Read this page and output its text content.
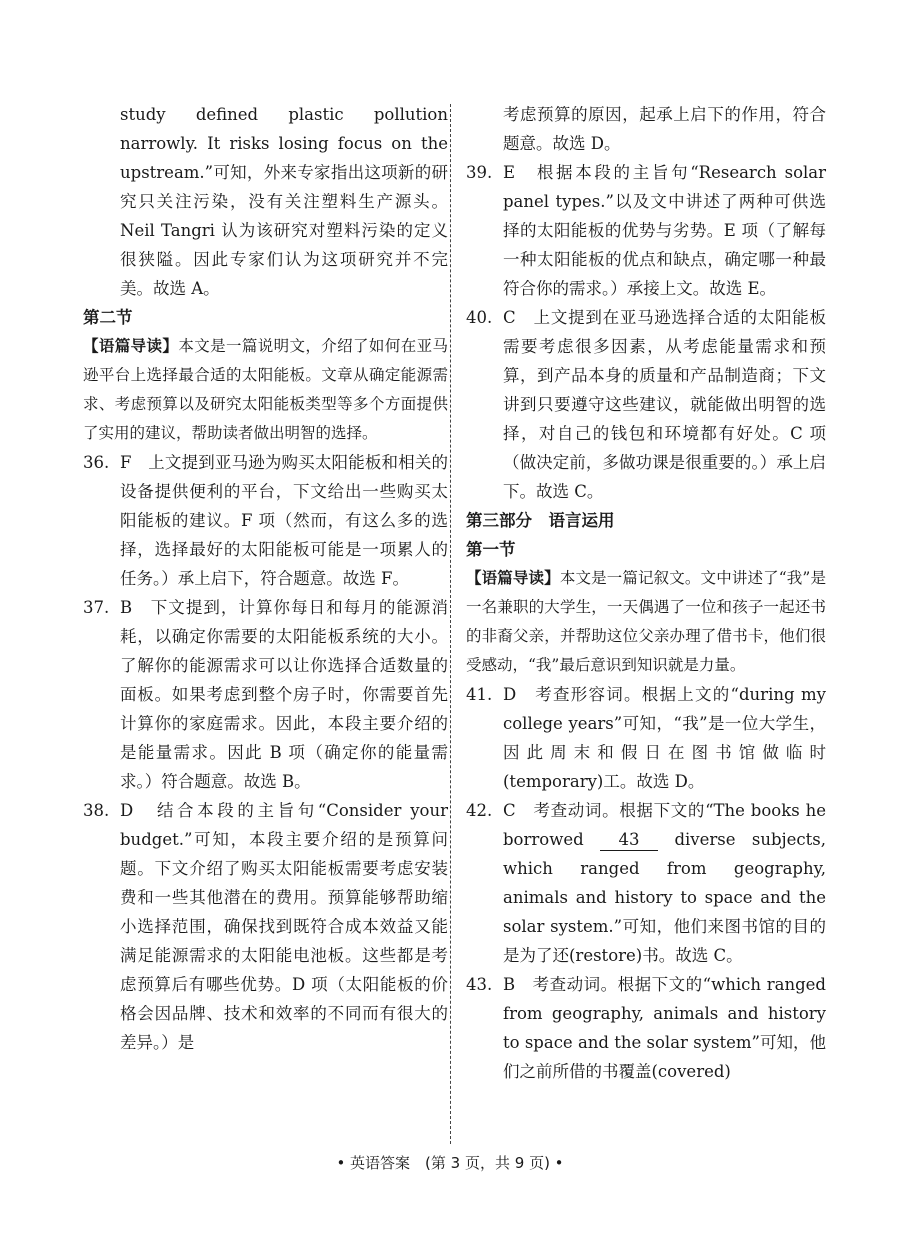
study defined plastic pollution narrowly. It risks losing focus on the upstream.”可知，外来专家指出这项新的研究只关注污染，没有关注塑料生产源头。Neil Tangri 认为该研究对塑料污染的定义很狭隘。因此专家们认为这项研究并不完美。故选 A。

第二节

【语篇导读】本文是一篇说明文，介绍了如何在亚马逊平台上选择最合适的太阳能板。文章从确定能源需求、考虑预算以及研究太阳能板类型等多个方面提供了实用的建议，帮助读者做出明智的选择。

36. F　上文提到亚马逊为购买太阳能板和相关的设备提供便利的平台，下文给出一些购买太阳能板的建议。F 项（然而，有这么多的选择，选择最好的太阳能板可能是一项累人的任务。）承上启下，符合题意。故选 F。
37. B　下文提到，计算你每日和每月的能源消耗，以确定你需要的太阳能板系统的大小。了解你的能源需求可以让你选择合适数量的面板。如果考虑到整个房子时，你需要首先计算你的家庭需求。因此，本段主要介绍的是能量需求。因此 B 项（确定你的能量需求。）符合题意。故选 B。
38. D　结合本段的主旨句“Consider your budget.”可知，本段主要介绍的是预算问题。下文介绍了购买太阳能板需要考虑安装费和一些其他潜在的费用。预算能够帮助缩小选择范围，确保找到既符合成本效益又能满足能源需求的太阳能电池板。这些都是考虑预算后有哪些优势。D 项（太阳能板的价格会因品牌、技术和效率的不同而有很大的差异。）是

考虑预算的原因，起承上启下的作用，符合题意。故选 D。

39. E　根据本段的主旨句“Research solar panel types.”以及文中讲述了两种可供选择的太阳能板的优势与劣势。E 项（了解每一种太阳能板的优点和缺点，确定哪一种最符合你的需求。）承接上文。故选 E。
40. C　上文提到在亚马逊选择合适的太阳能板需要考虑很多因素，从考虑能量需求和预算，到产品本身的质量和产品制造商；下文讲到只要遵守这些建议，就能做出明智的选择，对自己的钱包和环境都有好处。C 项（做决定前，多做功课是很重要的。）承上启下。故选 C。

第三部分　语言运用

第一节

【语篇导读】本文是一篇记叙文。文中讲述了“我”是一名兼职的大学生，一天偶遇了一位和孩子一起还书的非裔父亲，并帮助这位父亲办理了借书卡，他们很受感动，“我”最后意识到知识就是力量。

41. D　考查形容词。根据上文的“during my college years”可知，“我”是一位大学生，因此周末和假日在图书馆做临时(temporary)工。故选 D。
42. C　考查动词。根据下文的“The books he borrowed 43 diverse subjects, which ranged from geography, animals and history to space and the solar system.”可知，他们来图书馆的目的是为了还(restore)书。故选 C。
43. B　考查动词。根据下文的“which ranged from geography, animals and history to space and the solar system”可知，他们之前所借的书覆盖(covered)
• 英语答案　(第 3 页，共 9 页) •
